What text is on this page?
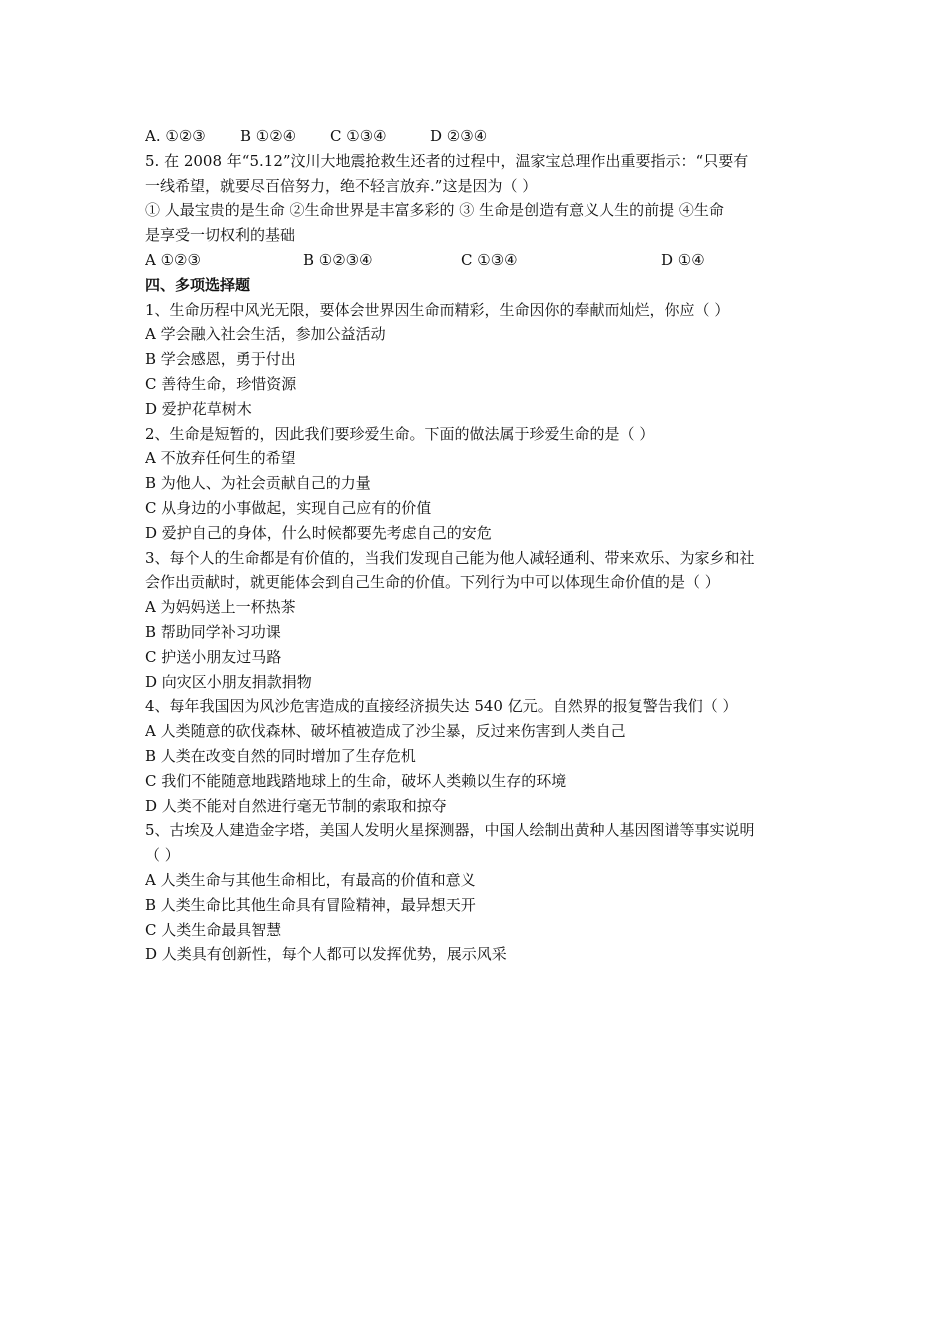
A. ①②③ B ①②④ C ①③④	D ②③④
5. 在 2008 年“5.12”汶川大地震抢救生还者的过程中，温家宝总理作出重要指示：“只要有
一线希望，就要尽百倍努力，绝不轻言放弃.”这是因为（ ）
① 人最宝贵的是生命 ②生命世界是丰富多彩的 ③ 生命是创造有意义人生的前提 ④生命
是享受一切权利的基础
A ①②③	B ①②③④	C ①③④	D ①④
四、多项选择题
1、生命历程中风光无限，要体会世界因生命而精彩，生命因你的奉献而灿烂，你应（ ）
A 学会融入社会生活，参加公益活动
B 学会感恩，勇于付出
C 善待生命，珍惜资源
D 爱护花草树木
2、生命是短暂的，因此我们要珍爱生命。下面的做法属于珍爱生命的是（ ）
A 不放弃任何生的希望
B 为他人、为社会贡献自己的力量
C 从身边的小事做起，实现自己应有的价值
D 爱护自己的身体，什么时候都要先考虑自己的安危
3、每个人的生命都是有价值的，当我们发现自己能为他人减轻通利、带来欢乐、为家乡和社
会作出贡献时，就更能体会到自己生命的价值。下列行为中可以体现生命价值的是（ ）
A 为妈妈送上一杯热茶
B 帮助同学补习功课
C 护送小朋友过马路
D 向灾区小朋友捐款捐物
4、每年我国因为风沙危害造成的直接经济损失达 540 亿元。自然界的报复警告我们（ ）
A 人类随意的砍伐森林、破坏植被造成了沙尘暴，反过来伤害到人类自己
B 人类在改变自然的同时增加了生存危机
C 我们不能随意地践踏地球上的生命，破坏人类赖以生存的环境
D 人类不能对自然进行毫无节制的索取和掠夺
5、古埃及人建造金字塔，美国人发明火星探测器，中国人绘制出黄种人基因图谱等事实说明
（ ）
A 人类生命与其他生命相比，有最高的价值和意义
B 人类生命比其他生命具有冒险精神，最异想天开
C 人类生命最具智慧
D 人类具有创新性，每个人都可以发挥优势，展示风采
